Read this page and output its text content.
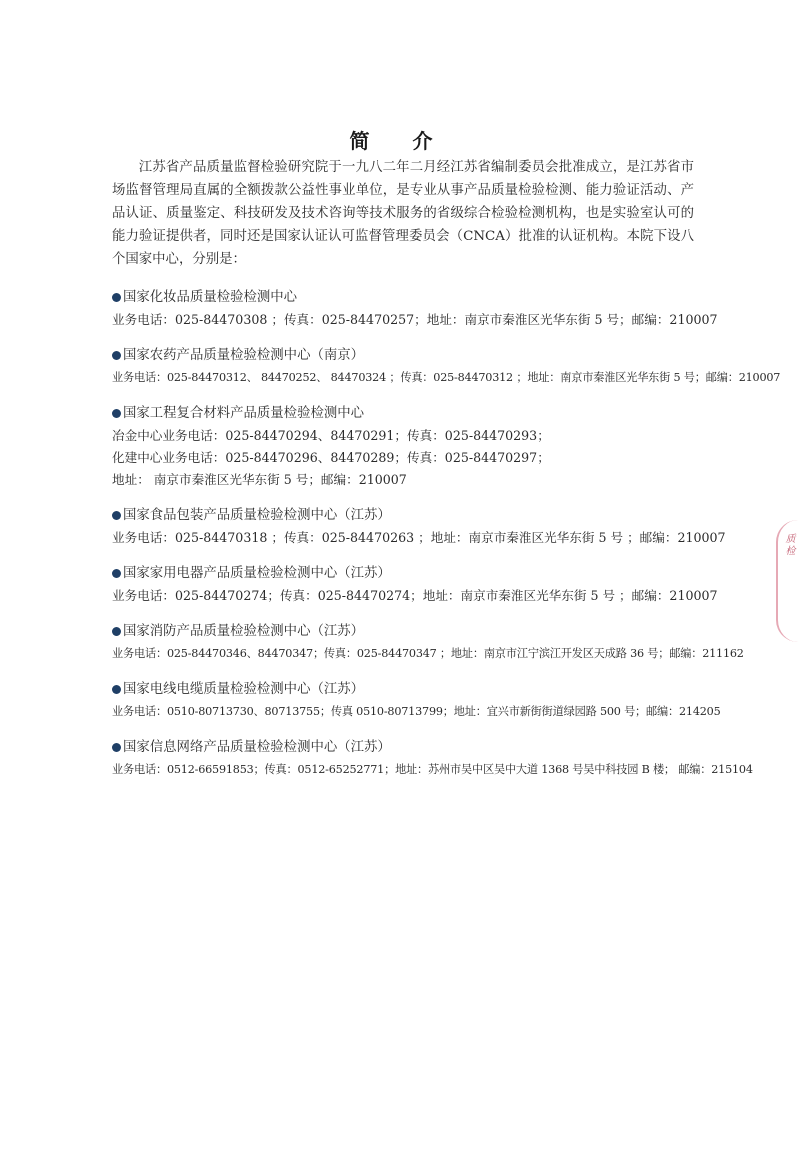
简 介
江苏省产品质量监督检验研究院于一九八二年二月经江苏省编制委员会批准成立，是江苏省市场监督管理局直属的全额拨款公益性事业单位，是专业从事产品质量检验检测、能力验证活动、产品认证、质量鉴定、科技研发及技术咨询等技术服务的省级综合检验检测机构，也是实验室认可的能力验证提供者，同时还是国家认证认可监督管理委员会（CNCA）批准的认证机构。本院下设八个国家中心，分别是：
国家化妆品质量检验检测中心
业务电话：025-84470308 ；传真：025-84470257；地址：南京市秦淮区光华东街 5 号；邮编：210007
国家农药产品质量检验检测中心（南京）
业务电话：025-84470312、 84470252、 84470324 ；传真：025-84470312 ；地址：南京市秦淮区光华东街 5 号；邮编：210007
国家工程复合材料产品质量检验检测中心
冶金中心业务电话：025-84470294、84470291；传真：025-84470293；
化建中心业务电话：025-84470296、84470289；传真：025-84470297；
地址： 南京市秦淮区光华东街 5 号；邮编：210007
国家食品包装产品质量检验检测中心（江苏）
业务电话：025-84470318 ；传真：025-84470263 ；地址：南京市秦淮区光华东街 5 号 ；邮编：210007
国家家用电器产品质量检验检测中心（江苏）
业务电话：025-84470274；传真：025-84470274；地址：南京市秦淮区光华东街 5 号 ；邮编：210007
国家消防产品质量检验检测中心（江苏）
业务电话：025-84470346、84470347；传真：025-84470347 ；地址：南京市江宁滨江开发区天成路 36 号；邮编：211162
国家电线电缆质量检验检测中心（江苏）
业务电话：0510-80713730、80713755；传真 0510-80713799；地址：宜兴市新街街道绿园路 500 号；邮编：214205
国家信息网络产品质量检验检测中心（江苏）
业务电话：0512-66591853；传真：0512-65252771；地址：苏州市吴中区吴中大道 1368 号吴中科技园 B 楼； 邮编：215104
质检
